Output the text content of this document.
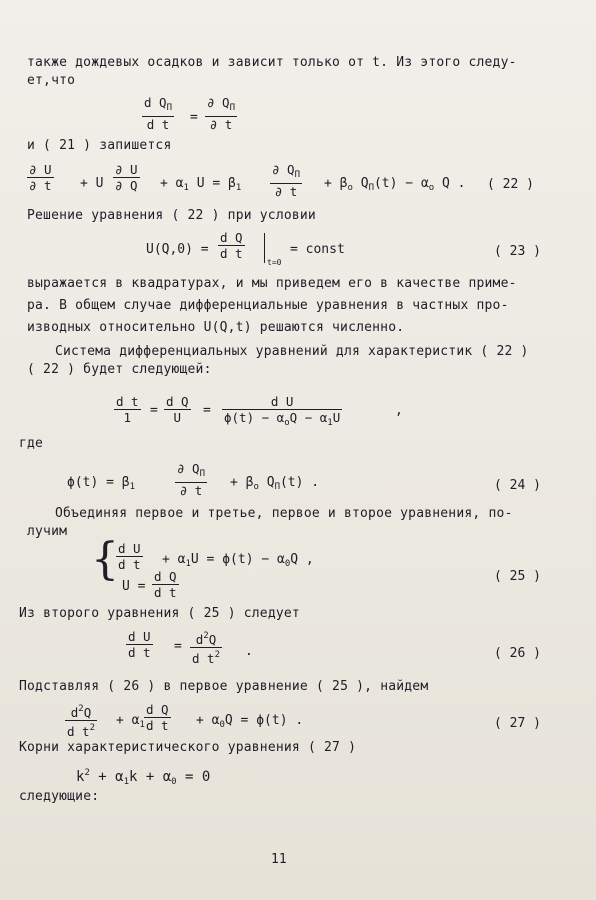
также дождевых осадков и зависит только от t. Из этого следу-
ет,что
d $Q_П$
d t	=
∂ $Q_П$
∂ t
и ( 21 ) запишется
∂ U
∂ t + U
∂ U
∂ $Q + \alpha_1$ $U = \beta_1$
∂ $Q_П$
∂ t
+ $\beta_о$ $Q_П(t) - \alpha_о$ Q . ( 22 )
Решение уравнения ( 22 ) при условии
U(Q,0) =
d Q
d t
t=0
= const	( 23 )
выражается в квадратурах, и мы приведем его в качестве приме-
ра. В общем случае дифференциальные уравнения в частных про-
изводных относительно U(Q,t) решаются численно.
Система дифференциальных уравнений для характеристик ( 22 )
( 22 ) будет следующей:
d t
1	=
d Q
U	=
d U
$\phi(t) - \alpha_оQ - \alpha_1U$	,
где
$\phi(t) = \beta_1$
∂ $Q_П$
∂ t
+ $\beta_о$ $Q_П(t)$ .	( 24 )
Объединяя первое и третье, первое и второе уравнения, по-
лучим
{ d U
d $t + \alpha_1U = \phi(t) - \alpha_0Q$ ,
U =
d Q
d t
( 25 )
Из второго уравнения ( 25 ) следует
d U
d t =	$d^2Q$
d $t^2$ .	( 26 )
Подставляя ( 26 ) в первое уравнение ( 25 ), найдем
$d^2Q$
d $t^2 + \alpha_1$
d Q
d $t + \alpha_0Q = \phi(t)$ .	( 27 )
Корни характеристического уравнения ( 27 )
$k^2 + \alpha_1k + \alpha_0 = 0$
следующие:
11
